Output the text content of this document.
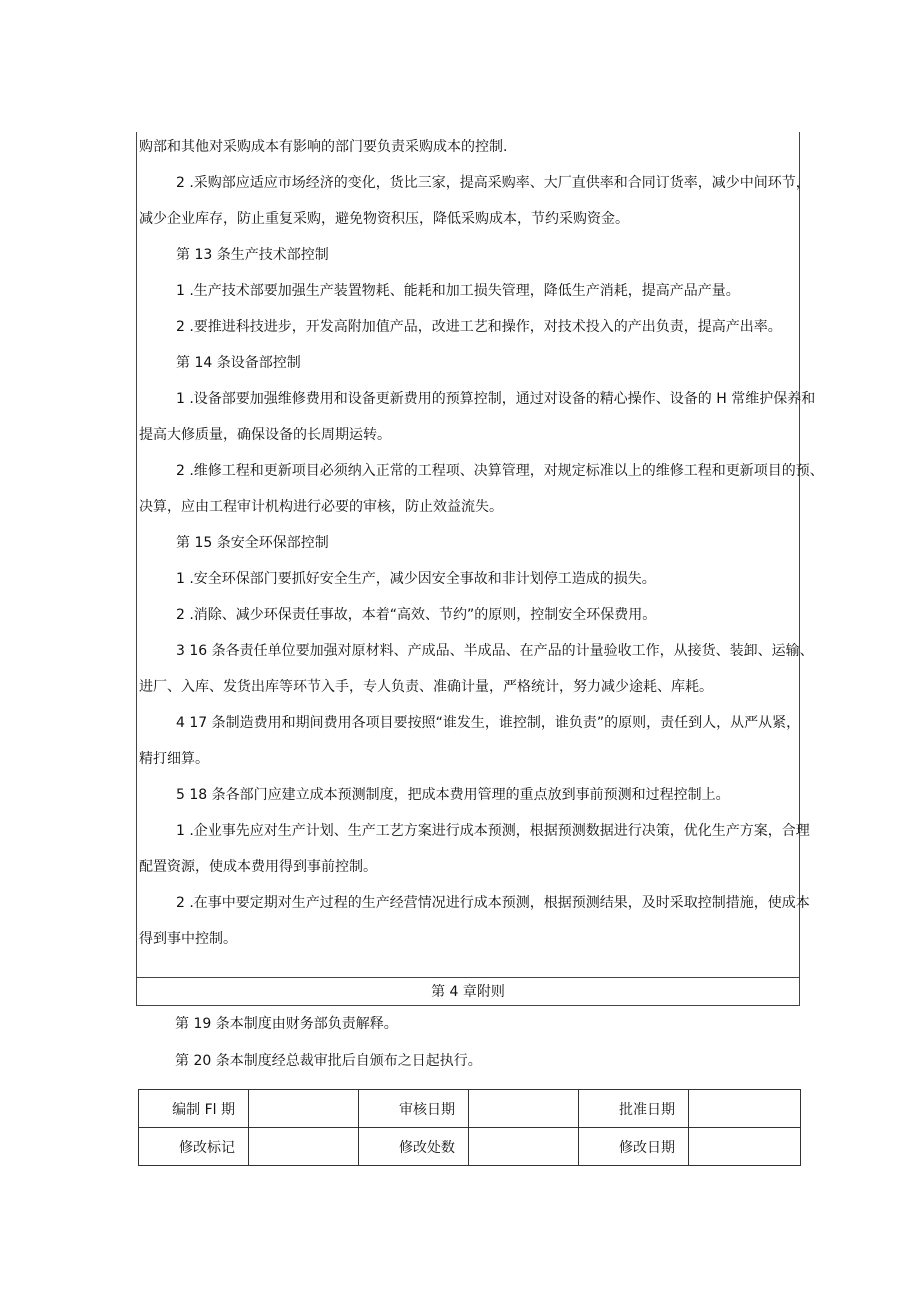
购部和其他对采购成本有影响的部门要负责采购成本的控制.
2 .采购部应适应市场经济的变化，货比三家，提高采购率、大厂直供率和合同订货率，减少中间环节，
减少企业库存，防止重复采购，避免物资积压，降低采购成本，节约采购资金。
第 13 条生产技术部控制
1 .生产技术部要加强生产装置物耗、能耗和加工损失管理，降低生产消耗，提高产品产量。
2 .要推进科技进步，开发高附加值产品，改进工艺和操作，对技术投入的产出负责，提高产出率。
第 14 条设备部控制
1 .设备部要加强维修费用和设备更新费用的预算控制，通过对设备的精心操作、设备的 H 常维护保养和
提高大修质量，确保设备的长周期运转。
2 .维修工程和更新项目必须纳入正常的工程项、决算管理，对规定标准以上的维修工程和更新项目的预、
决算，应由工程审计机构进行必要的审核，防止效益流失。
第 15 条安全环保部控制
1 .安全环保部门要抓好安全生产，减少因安全事故和非计划停工造成的损失。
2 .消除、减少环保责任事故，本着“高效、节约”的原则，控制安全环保费用。
3 16 条各责任单位要加强对原材料、产成品、半成品、在产品的计量验收工作，从接货、装卸、运输、
进厂、入库、发货出库等环节入手，专人负责、准确计量，严格统计，努力减少途耗、库耗。
4 17 条制造费用和期间费用各项目要按照“谁发生，谁控制，谁负责”的原则，责任到人，从严从紧，
精打细算。
5 18 条各部门应建立成本预测制度，把成本费用管理的重点放到事前预测和过程控制上。
1 .企业事先应对生产计划、生产工艺方案进行成本预测，根据预测数据进行决策，优化生产方案，合理
配置资源，使成本费用得到事前控制。
2 .在事中要定期对生产过程的生产经营情况进行成本预测，根据预测结果，及时采取控制措施，使成本
得到事中控制。
第 4 章附则
第 19 条本制度由财务部负责解释。
第 20 条本制度经总裁审批后自颁布之日起执行。
编制 Fl 期		审核日期		批准日期	
修改标记		修改处数		修改日期	
